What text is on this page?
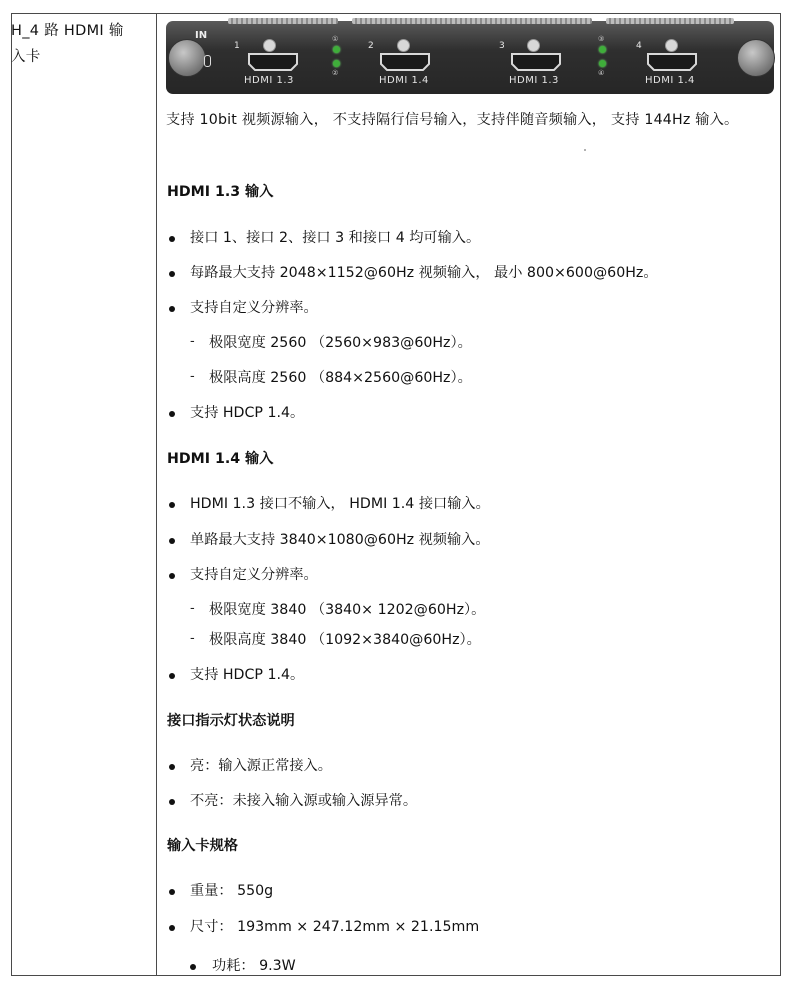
H_4 路 HDMI 输入卡
IN
1
HDMI 1.3
2
HDMI 1.4
3
HDMI 1.3
4
HDMI 1.4
①
②
③
④
支持 10bit 视频源输入， 不支持隔行信号输入，支持伴随音频输入， 支持 144Hz 输入。
HDMI 1.3 输入
接口 1、接口 2、接口 3 和接口 4 均可输入。
每路最大支持 2048×1152@60Hz 视频输入， 最小 800×600@60Hz。
支持自定义分辨率。
- 极限宽度 2560 （2560×983@60Hz）。
- 极限高度 2560 （884×2560@60Hz）。
支持 HDCP 1.4。
HDMI 1.4 输入
HDMI 1.3 接口不输入， HDMI 1.4 接口输入。
单路最大支持 3840×1080@60Hz 视频输入。
支持自定义分辨率。
- 极限宽度 3840 （3840× 1202@60Hz）。
- 极限高度 3840 （1092×3840@60Hz）。
支持 HDCP 1.4。
接口指示灯状态说明
亮：输入源正常接入。
不亮：未接入输入源或输入源异常。
输入卡规格
重量： 550g
尺寸： 193mm × 247.12mm × 21.15mm
功耗： 9.3W
